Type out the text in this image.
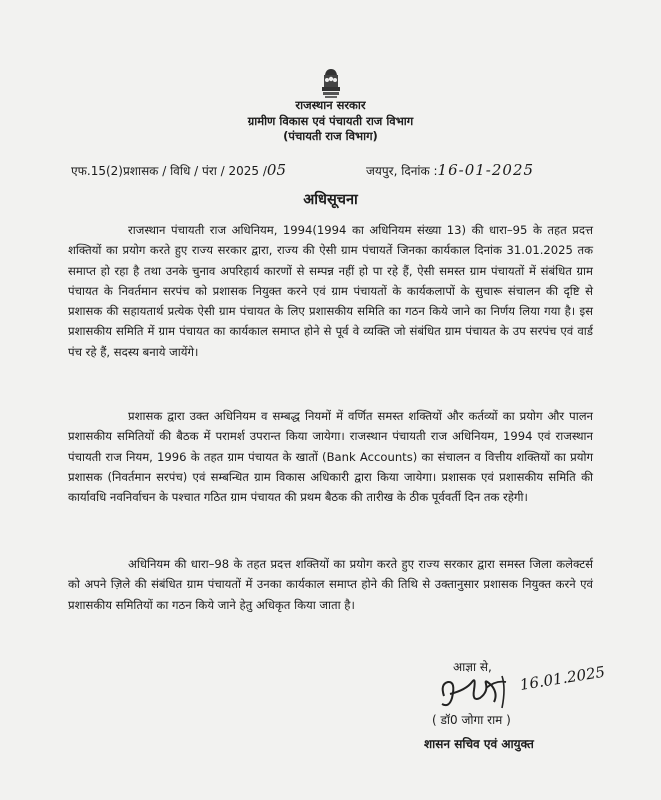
राजस्थान सरकार
ग्रामीण विकास एवं पंचायती राज विभाग
(पंचायती राज विभाग)
एफ.15(2)प्रशासक / विधि / पंरा / 2025 /05	जयपुर, दिनांक :16-01-2025
अधिसूचना

राजस्थान पंचायती राज अधिनियम, 1994(1994 का अधिनियम संख्या 13) की धारा–95 के तहत प्रदत्त शक्तियों का प्रयोग करते हुए राज्य सरकार द्वारा, राज्य की ऐसी ग्राम पंचायतें जिनका कार्यकाल दिनांक 31.01.2025 तक समाप्त हो रहा है तथा उनके चुनाव अपरिहार्य कारणों से सम्पन्न नहीं हो पा रहे हैं, ऐसी समस्त ग्राम पंचायतों में संबंधित ग्राम पंचायत के निवर्तमान सरपंच को प्रशासक नियुक्त करने एवं ग्राम पंचायतों के कार्यकलापों के सुचारू संचालन की दृष्टि से प्रशासक की सहायतार्थ प्रत्येक ऐसी ग्राम पंचायत के लिए प्रशासकीय समिति का गठन किये जाने का निर्णय लिया गया है। इस प्रशासकीय समिति में ग्राम पंचायत का कार्यकाल समाप्त होने से पूर्व वे व्यक्ति जो संबंधित ग्राम पंचायत के उप सरपंच एवं वार्ड पंच रहे हैं, सदस्य बनाये जायेंगे।

प्रशासक द्वारा उक्त अधिनियम व सम्बद्ध नियमों में वर्णित समस्त शक्तियों और कर्तव्यों का प्रयोग और पालन प्रशासकीय समितियों की बैठक में परामर्श उपरान्त किया जायेगा। राजस्थान पंचायती राज अधिनियम, 1994 एवं राजस्थान पंचायती राज नियम, 1996 के तहत ग्राम पंचायत के खातों (Bank Accounts) का संचालन व वित्तीय शक्तियों का प्रयोग प्रशासक (निवर्तमान सरपंच) एवं सम्बन्धित ग्राम विकास अधिकारी द्वारा किया जायेगा। प्रशासक एवं प्रशासकीय समिति की कार्यावधि नवनिर्वाचन के पश्चात गठित ग्राम पंचायत की प्रथम बैठक की तारीख के ठीक पूर्ववर्ती दिन तक रहेगी।

अधिनियम की धारा–98 के तहत प्रदत्त शक्तियों का प्रयोग करते हुए राज्य सरकार द्वारा समस्त जिला कलेक्टर्स को अपने ज़िले की संबंधित ग्राम पंचायतों में उनका कार्यकाल समाप्त होने की तिथि से उक्तानुसार प्रशासक नियुक्त करने एवं प्रशासकीय समितियों का गठन किये जाने हेतु अधिकृत किया जाता है।

आज्ञा से, 16.01.2025
( डॉ0 जोगा राम )
शासन सचिव एवं आयुक्त
